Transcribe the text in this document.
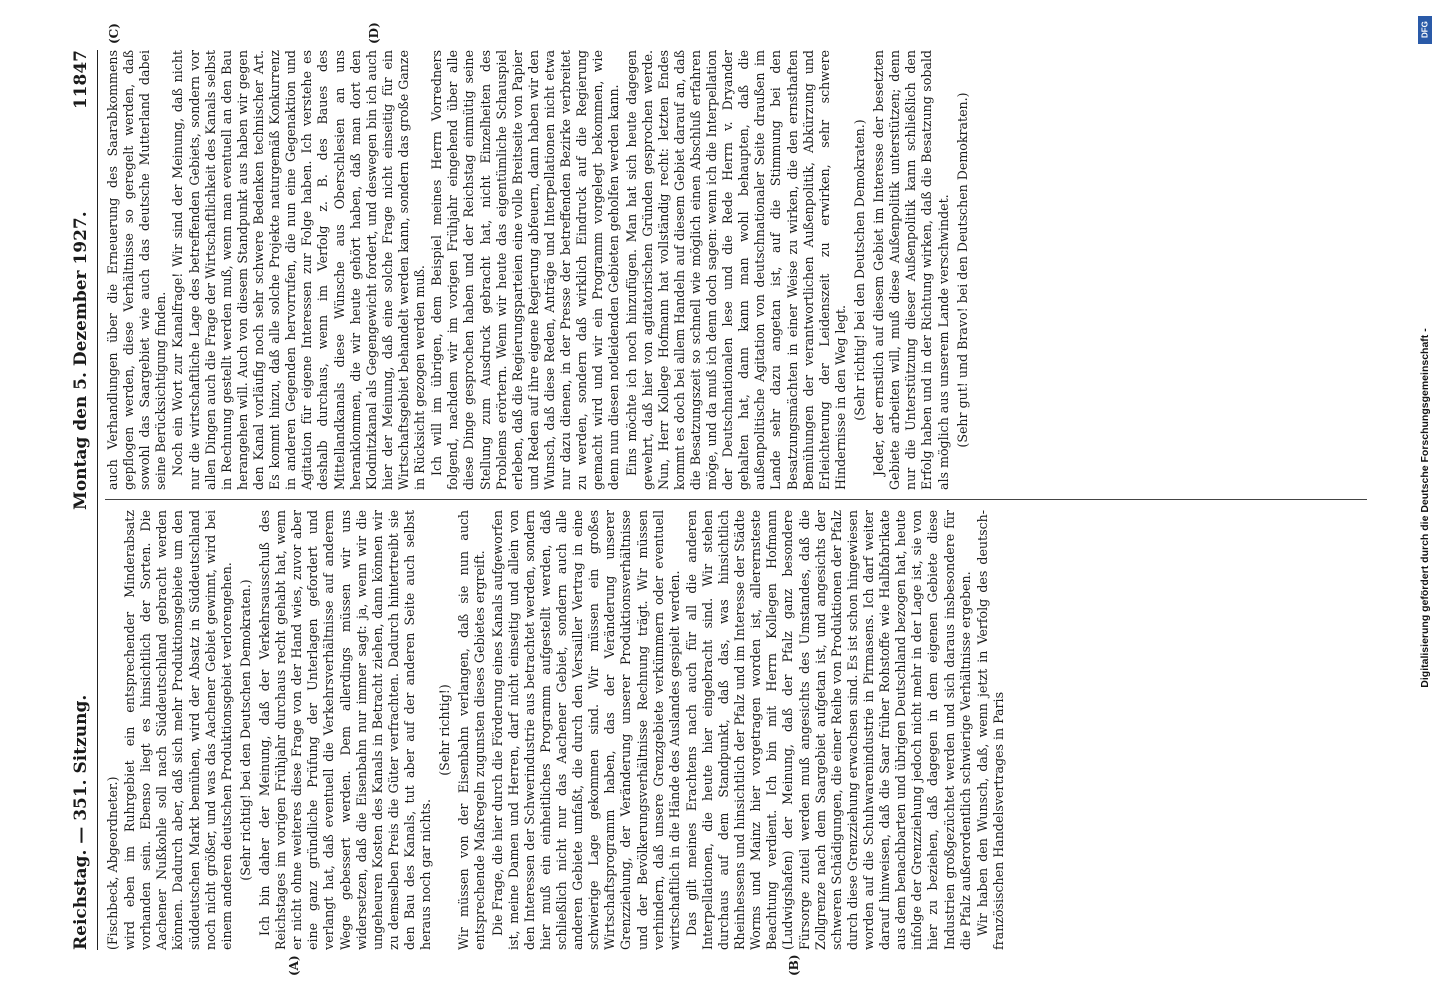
Reichstag. — 351. Sitzung.
Montag den 5. Dezember 1927.
11847
(A)	(B)
(C)	(D)

(Fischbeck, Abgeordneter.) wird eben im Ruhrgebiet ein entsprechender Minderabsatz vorhanden sein. Ebenso liegt es hinsichtlich der Sorten. Die Aachener Nußkohle soll nach Süddeutschland gebracht werden können. Dadurch aber, daß sich mehr Produktionsgebiete um den süddeutschen Markt bemühen, wird der Absatz in Süddeutschland noch nicht größer, und was das Aachener Gebiet gewinnt, wird bei einem anderen deutschen Produktionsgebiet verlorengehen. (Sehr richtig! bei den Deutschen Demokraten.) Ich bin daher der Meinung, daß der Verkehrsausschuß des Reichstages im vorigen Frühjahr durchaus recht gehabt hat, wenn er nicht ohne weiteres diese Frage von der Hand wies, zuvor aber eine ganz gründliche Prüfung der Unterlagen gefordert und verlangt hat, daß eventuell die Verkehrsverhältnisse auf anderem Wege gebessert werden. Dem allerdings müssen wir uns widersetzen, daß die Eisenbahn nur immer sagt: ja, wenn wir die ungeheuren Kosten des Kanals in Betracht ziehen, dann können wir zu demselben Preis die Güter verfrachten. Dadurch hintertreibt sie den Bau des Kanals, tut aber auf der anderen Seite auch selbst heraus noch gar nichts.

(Sehr richtig!) Wir müssen von der Eisenbahn verlangen, daß sie nun auch entsprechende Maßregeln zugunsten dieses Gebietes ergreift. Die Frage, die hier durch die Förderung eines Kanals aufgeworfen ist, meine Damen und Herren, darf nicht einseitig und allein von den Interessen der Schwerindustrie aus betrachtet werden, sondern hier muß ein einheitliches Programm aufgestellt werden, daß schließlich nicht nur das Aachener Gebiet, sondern auch alle anderen Gebiete umfaßt, die durch den Versailler Vertrag in eine schwierige Lage gekommen sind. Wir müssen ein großes Wirtschaftsprogramm haben, das der Veränderung unserer Grenzziehung, der Veränderung unserer Produktionsverhältnisse und der Bevölkerungsverhältnisse Rechnung trägt. Wir müssen verhindern, daß unsere Grenzgebiete verkümmern oder eventuell wirtschaftlich in die Hände des Auslandes gespielt werden. Das gilt meines Erachtens nach auch für all die anderen Interpellationen, die heute hier eingebracht sind. Wir stehen durchaus auf dem Standpunkt, daß das, was hinsichtlich Rheinhessens und hinsichtlich der Pfalz und im Interesse der Städte Worms und Mainz hier vorgetragen worden ist, allerernsteste Beachtung verdient. Ich bin mit Herrn Kollegen Hofmann (Ludwigshafen) der Meinung, daß der Pfalz ganz besondere Fürsorge zuteil werden muß angesichts des Umstandes, daß die Zollgrenze nach dem Saargebiet aufgetan ist, und angesichts der schweren Schädigungen, die einer Reihe von Produktionen der Pfalz durch diese Grenzziehung erwachsen sind. Es ist schon hingewiesen worden auf die Schuhwarenindustrie in Pirmasens. Ich darf weiter darauf hinweisen, daß die Saar früher Rohstoffe wie Halbfabrikate aus dem benachbarten und übrigen Deutschland bezogen hat, heute infolge der Grenzziehung jedoch nicht mehr in der Lage ist, sie von hier zu beziehen, daß dagegen in dem eigenen Gebiete diese Industrien großgezüchtet werden und sich daraus insbesondere für die Pfalz außerordentlich schwierige Verhältnisse ergeben. Wir haben den Wunsch, daß, wenn jetzt in Verfolg des deutsch-französischen Handelsvertrages in Paris

auch Verhandlungen über die Erneuerung des Saarabkommens gepflogen werden, diese Verhältnisse so geregelt werden, daß sowohl das Saargebiet wie auch das deutsche Mutterland dabei seine Berücksichtigung finden. Noch ein Wort zur Kanalfrage! Wir sind der Meinung, daß nicht nur die wirtschaftliche Lage des betreffenden Gebiets, sondern vor allen Dingen auch die Frage der Wirtschaftlichkeit des Kanals selbst in Rechnung gestellt werden muß, wenn man eventuell an den Bau herangehen will. Auch von diesem Standpunkt aus haben wir gegen den Kanal vorläufig noch sehr schwere Bedenken technischer Art. Es kommt hinzu, daß alle solche Projekte naturgemäß Konkurrenz in anderen Gegenden hervorrufen, die nun eine Gegenaktion und Agitation für eigene Interessen zur Folge haben. Ich verstehe es deshalb durchaus, wenn im Verfolg z. B. des Baues des Mittellandkanals diese Wünsche aus Oberschlesien an uns heranklommen, die wir heute gehört haben, daß man dort den Klodnitzkanal als Gegengewicht fordert, und deswegen bin ich auch hier der Meinung, daß eine solche Frage nicht einseitig für ein Wirtschaftsgebiet behandelt werden kann, sondern das große Ganze in Rücksicht gezogen werden muß. Ich will im übrigen, dem Beispiel meines Herrn Vorredners folgend, nachdem wir im vorigen Frühjahr eingehend über alle diese Dinge gesprochen haben und der Reichstag einmütig seine Stellung zum Ausdruck gebracht hat, nicht Einzelheiten des Problems erörtern. Wenn wir heute das eigentümliche Schauspiel erleben, daß die Regierungsparteien eine volle Breitseite von Papier und Reden auf ihre eigene Regierung abfeuern, dann haben wir den Wunsch, daß diese Reden, Anträge und Interpellationen nicht etwa nur dazu dienen, in der Presse der betreffenden Bezirke verbreitet zu werden, sondern daß wirklich Eindruck auf die Regierung gemacht wird und wir ein Programm vorgelegt bekommen, wie denn nun diesen notleidenden Gebieten geholfen werden kann. Eins möchte ich noch hinzufügen. Man hat sich heute dagegen gewehrt, daß hier von agitatorischen Gründen gesprochen werde. Nun, Herr Kollege Hofmann hat vollständig recht: letzten Endes kommt es doch bei allem Handeln auf diesem Gebiet darauf an, daß die Besatzungszeit so schnell wie möglich einen Abschluß erfahren möge, und da muß ich denn doch sagen: wenn ich die Interpellation der Deutschnationalen lese und die Rede Herrn v. Dryander gehalten hat, dann kann man wohl behaupten, daß die außenpolitische Agitation von deutschnationaler Seite draußen im Lande sehr dazu angetan ist, auf die Stimmung bei den Besatzungsmächten in einer Weise zu wirken, die den ernsthaften Bemühungen der verantwortlichen Außenpolitik, Abkürzung und Erleichterung der Leidenszeit zu erwirken, sehr schwere Hindernisse in den Weg legt. (Sehr richtig! bei den Deutschen Demokraten.) Jeder, der ernstlich auf diesem Gebiet im Interesse der besetzten Gebiete arbeiten will, muß diese Außenpolitik unterstützen; denn nur die Unterstützung dieser Außenpolitik kann schließlich den Erfolg haben und in der Richtung wirken, daß die Besatzung sobald als möglich aus unserem Lande verschwindet. (Sehr gut! und Bravo! bei den Deutschen Demokraten.)

DFG
Digitalisierung gefördert durch die Deutsche Forschungsgemeinschaft -
